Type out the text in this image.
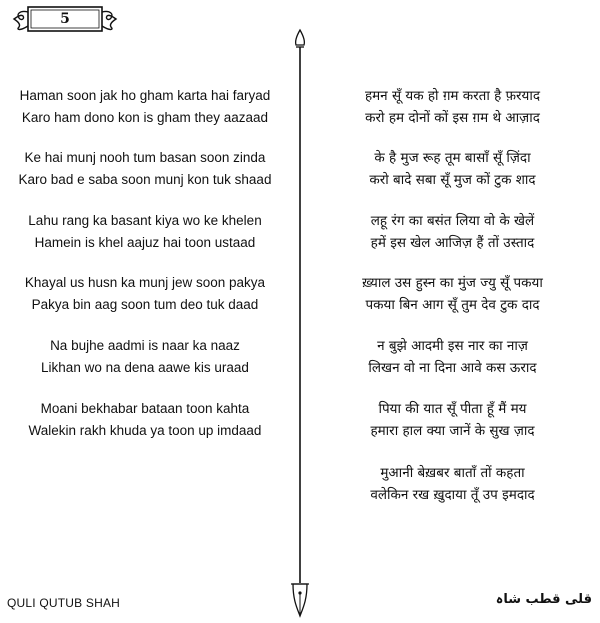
5
Haman soon jak ho gham karta hai faryad
Karo ham dono kon is gham they aazaad
Ke hai munj nooh tum basan soon zinda
Karo bad e saba soon munj kon tuk shaad
Lahu rang ka basant kiya wo ke khelen
Hamein is khel aajuz hai toon ustaad
Khayal us husn ka munj jew soon pakya
Pakya bin aag soon tum deo tuk daad
Na bujhe aadmi is naar ka naaz
Likhan wo na dena aawe kis uraad
Moani bekhabar bataan toon kahta
Walekin rakh khuda ya toon up imdaad
हमन सूँ यक हो ग़म करता है फ़रयाद
करो हम दोनों कों इस ग़म थे आज़ाद
के है मुज रूह तूम बासाँ सूँ ज़िंदा
करो बादे सबा सूँ मुज कों टुक शाद
लहू रंग का बसंत लिया वो के खेलें
हमें इस खेल आजिज़ हैं तों उस्ताद
ख़्याल उस हुस्न का मुंज ज्यु सूँ पकया
पकया बिन आग सूँ तुम देव टुक दाद
न बुझे आदमी इस नार का नाज़
लिखन वो ना दिना आवे कस ऊराद
पिया की यात सूँ पीता हूँ मैं मय
हमारा हाल क्या जानें के सुख ज़ाद
मुआनी बेख़बर बाताँ तों कहता
वलेकिन रख ख़ुदाया तूँ उप इमदाद
QULI QUTUB SHAH	قلی قطب شاہ
